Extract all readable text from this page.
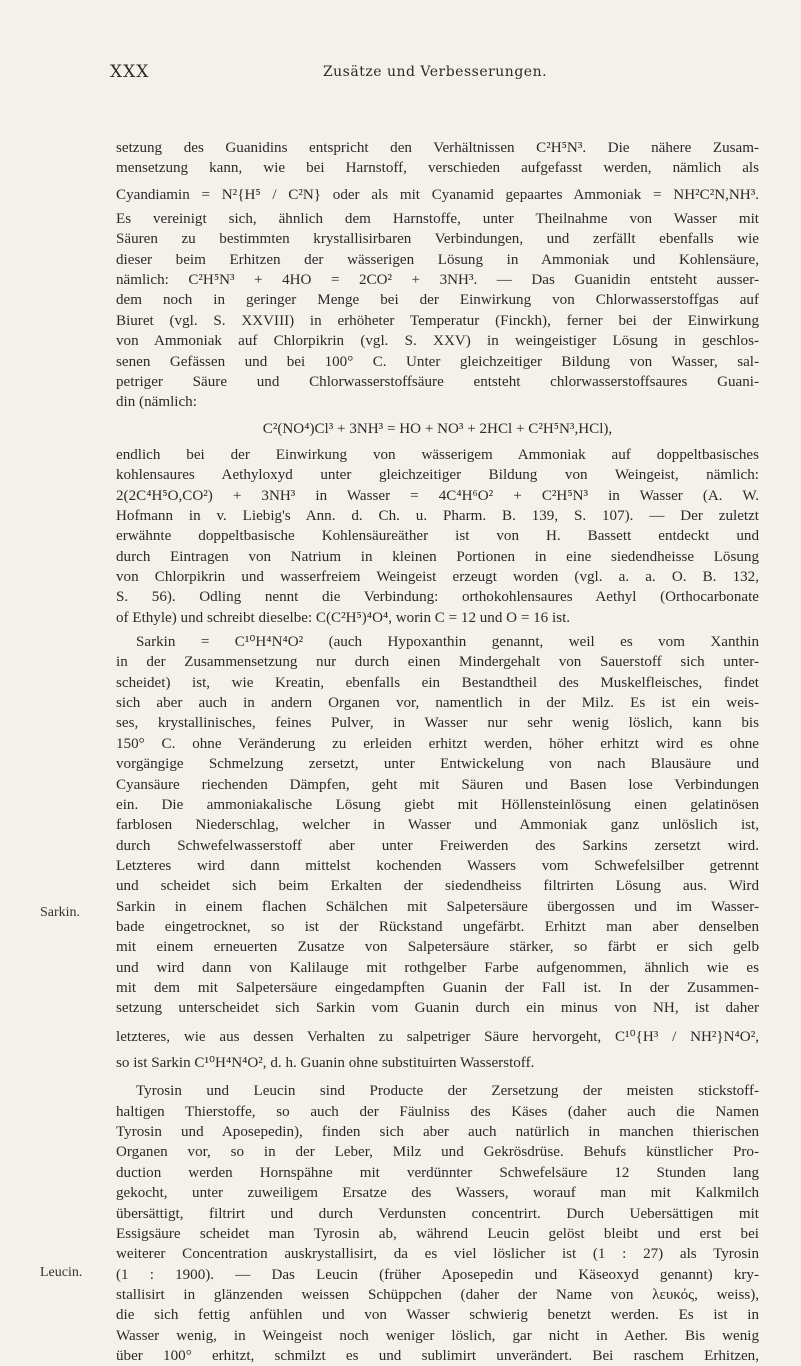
XXX	Zusätze und Verbesserungen.
Sarkin.
Leucin.
setzung des Guanidins entspricht den Verhältnissen C²H⁵N³. Die nähere Zusam-
mensetzung kann, wie bei Harnstoff, verschieden aufgefasst werden, nämlich als
Cyandiamin = N²{H⁵ / C²N} oder als mit Cyanamid gepaartes Ammoniak = NH²C²N,NH³.
Es vereinigt sich, ähnlich dem Harnstoffe, unter Theilnahme von Wasser mit
Säuren zu bestimmten krystallisirbaren Verbindungen, und zerfällt ebenfalls wie
dieser beim Erhitzen der wässerigen Lösung in Ammoniak und Kohlensäure,
nämlich: C²H⁵N³ + 4HO = 2CO² + 3NH³. — Das Guanidin entsteht ausser-
dem noch in geringer Menge bei der Einwirkung von Chlorwasserstoffgas auf
Biuret (vgl. S. XXVIII) in erhöheter Temperatur (Finckh), ferner bei der Einwirkung
von Ammoniak auf Chlorpikrin (vgl. S. XXV) in weingeistiger Lösung in geschlos-
senen Gefässen und bei 100° C. Unter gleichzeitiger Bildung von Wasser, sal-
petriger Säure und Chlorwasserstoffsäure entsteht chlorwasserstoffsaures Guani-
din (nämlich:
C²(NO⁴)Cl³ + 3NH³ = HO + NO³ + 2HCl + C²H⁵N³,HCl),
endlich bei der Einwirkung von wässerigem Ammoniak auf doppeltbasisches
kohlensaures Aethyloxyd unter gleichzeitiger Bildung von Weingeist, nämlich:
2(2C⁴H⁵O,CO²) + 3NH³ in Wasser = 4C⁴H⁶O² + C²H⁵N³ in Wasser (A. W.
Hofmann in v. Liebig's Ann. d. Ch. u. Pharm. B. 139, S. 107). — Der zuletzt
erwähnte doppeltbasische Kohlensäureäther ist von H. Bassett entdeckt und
durch Eintragen von Natrium in kleinen Portionen in eine siedendheisse Lösung
von Chlorpikrin und wasserfreiem Weingeist erzeugt worden (vgl. a. a. O. B. 132,
S. 56). Odling nennt die Verbindung: orthokohlensaures Aethyl (Orthocarbonate
of Ethyle) und schreibt dieselbe: C(C²H⁵)⁴O⁴, worin C = 12 und O = 16 ist.
Sarkin = C¹⁰H⁴N⁴O² (auch Hypoxanthin genannt, weil es vom Xanthin
in der Zusammensetzung nur durch einen Mindergehalt von Sauerstoff sich unter-
scheidet) ist, wie Kreatin, ebenfalls ein Bestandtheil des Muskelfleisches, findet
sich aber auch in andern Organen vor, namentlich in der Milz. Es ist ein weis-
ses, krystallinisches, feines Pulver, in Wasser nur sehr wenig löslich, kann bis
150° C. ohne Veränderung zu erleiden erhitzt werden, höher erhitzt wird es ohne
vorgängige Schmelzung zersetzt, unter Entwickelung von nach Blausäure und
Cyansäure riechenden Dämpfen, geht mit Säuren und Basen lose Verbindungen
ein. Die ammoniakalische Lösung giebt mit Höllensteinlösung einen gelatinösen
farblosen Niederschlag, welcher in Wasser und Ammoniak ganz unlöslich ist,
durch Schwefelwasserstoff aber unter Freiwerden des Sarkins zersetzt wird.
Letzteres wird dann mittelst kochenden Wassers vom Schwefelsilber getrennt
und scheidet sich beim Erkalten der siedendheiss filtrirten Lösung aus. Wird
Sarkin in einem flachen Schälchen mit Salpetersäure übergossen und im Wasser-
bade eingetrocknet, so ist der Rückstand ungefärbt. Erhitzt man aber denselben
mit einem erneuerten Zusatze von Salpetersäure stärker, so färbt er sich gelb
und wird dann von Kalilauge mit rothgelber Farbe aufgenommen, ähnlich wie es
mit dem mit Salpetersäure eingedampften Guanin der Fall ist. In der Zusammen-
setzung unterscheidet sich Sarkin vom Guanin durch ein minus von NH, ist daher
letzteres, wie aus dessen Verhalten zu salpetriger Säure hervorgeht, C¹⁰{H³ / NH²}N⁴O²,
so ist Sarkin C¹⁰H⁴N⁴O², d. h. Guanin ohne substituirten Wasserstoff.
Tyrosin und Leucin sind Producte der Zersetzung der meisten stickstoff-
haltigen Thierstoffe, so auch der Fäulniss des Käses (daher auch die Namen
Tyrosin und Aposepedin), finden sich aber auch natürlich in manchen thierischen
Organen vor, so in der Leber, Milz und Gekrösdrüse. Behufs künstlicher Pro-
duction werden Hornspähne mit verdünnter Schwefelsäure 12 Stunden lang
gekocht, unter zuweiligem Ersatze des Wassers, worauf man mit Kalkmilch
übersättigt, filtrirt und durch Verdunsten concentrirt. Durch Uebersättigen mit
Essigsäure scheidet man Tyrosin ab, während Leucin gelöst bleibt und erst bei
weiterer Concentration auskrystallisirt, da es viel löslicher ist (1 : 27) als Tyrosin
(1 : 1900). — Das Leucin (früher Aposepedin und Käseoxyd genannt) kry-
stallisirt in glänzenden weissen Schüppchen (daher der Name von λευκός, weiss),
die sich fettig anfühlen und von Wasser schwierig benetzt werden. Es ist in
Wasser wenig, in Weingeist noch weniger löslich, gar nicht in Aether. Bis wenig
über 100° erhitzt, schmilzt es und sublimirt unverändert. Bei raschem Erhitzen,
